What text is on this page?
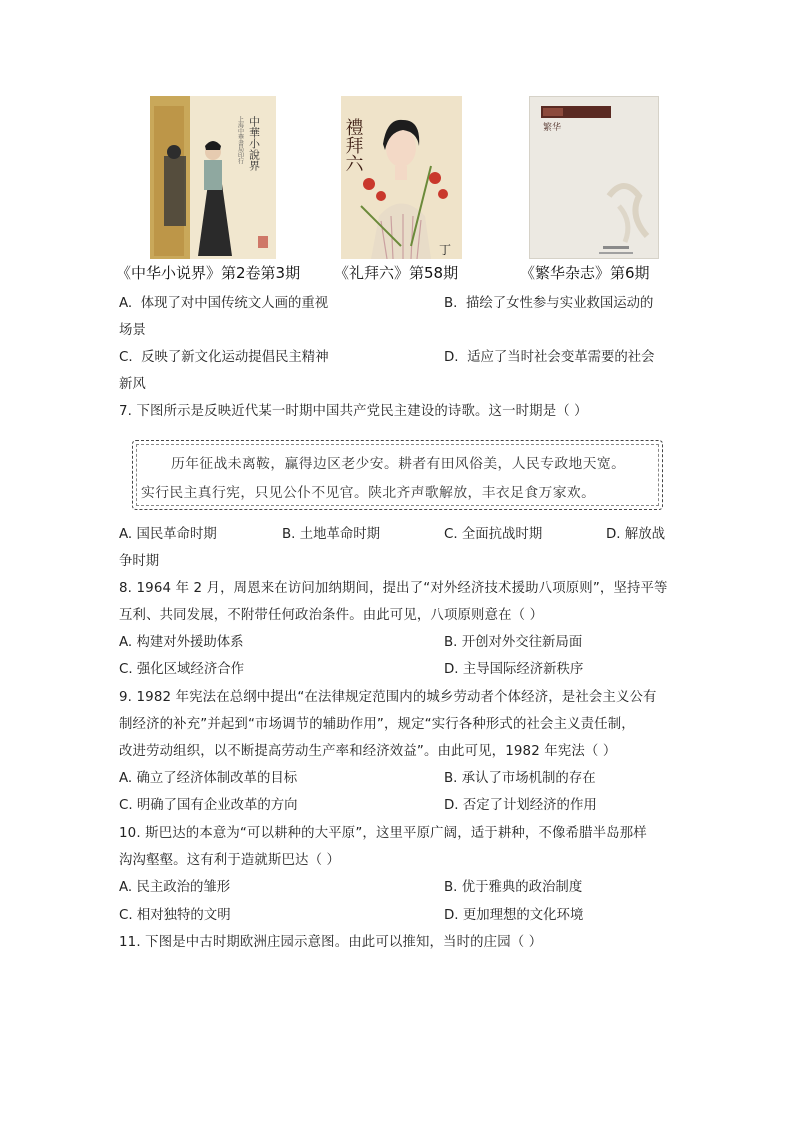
中華小說界
上海中華書局印行	禮拜六
丁
繁华
《中华小说界》第2卷第3期 《礼拜六》第58期	《繁华杂志》第6期
A. 体现了对中国传统文人画的重视	B. 描绘了女性参与实业救国运动的
场景
C. 反映了新文化运动提倡民主精神	D. 适应了当时社会变革需要的社会
新风
7. 下图所示是反映近代某一时期中国共产党民主建设的诗歌。这一时期是（ ）
历年征战未离鞍，赢得边区老少安。耕者有田风俗美，人民专政地天宽。
实行民主真行宪，只见公仆不见官。陕北齐声歌解放，丰衣足食万家欢。
A. 国民革命时期	B. 土地革命时期	C. 全面抗战时期	D. 解放战
争时期
8. 1964 年 2 月，周恩来在访问加纳期间，提出了“对外经济技术援助八项原则”，坚持平等
互利、共同发展，不附带任何政治条件。由此可见，八项原则意在（ ）
A. 构建对外援助体系	B. 开创对外交往新局面
C. 强化区域经济合作	D. 主导国际经济新秩序
9. 1982 年宪法在总纲中提出“在法律规定范围内的城乡劳动者个体经济，是社会主义公有
制经济的补充”并起到“市场调节的辅助作用”，规定“实行各种形式的社会主义责任制，
改进劳动组织，以不断提高劳动生产率和经济效益”。由此可见，1982 年宪法（ ）
A. 确立了经济体制改革的目标	B. 承认了市场机制的存在
C. 明确了国有企业改革的方向	D. 否定了计划经济的作用
10. 斯巴达的本意为“可以耕种的大平原”，这里平原广阔，适于耕种，不像希腊半岛那样
沟沟壑壑。这有利于造就斯巴达（ ）
A. 民主政治的雏形	B. 优于雅典的政治制度
C. 相对独特的文明	D. 更加理想的文化环境
11. 下图是中古时期欧洲庄园示意图。由此可以推知，当时的庄园（ ）
